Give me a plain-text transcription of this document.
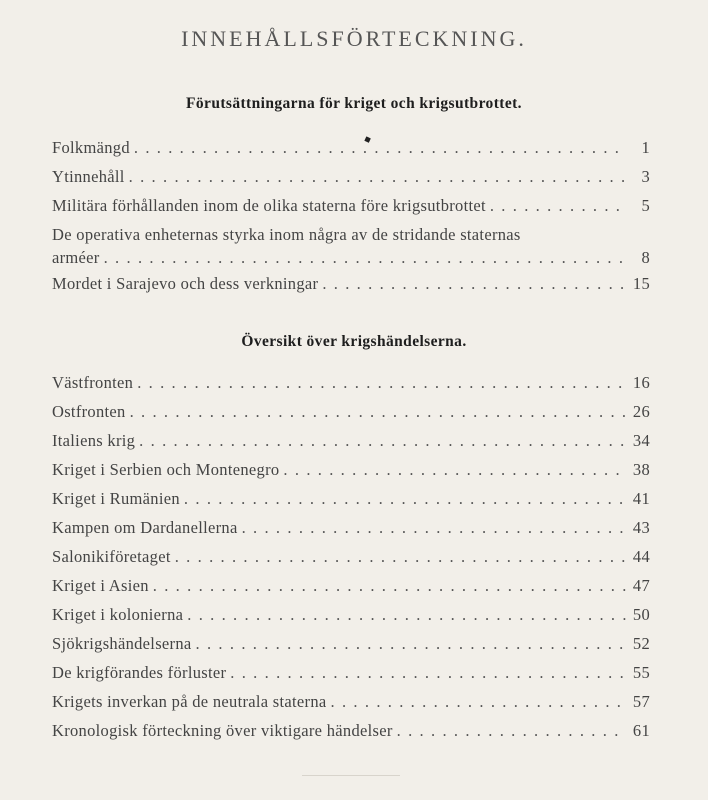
INNEHÅLLSFÖRTECKNING.
Förutsättningarna för kriget och krigsutbrottet.
Folkmängd . . .	1
Ytinnehåll . . .	3
Militära förhållanden inom de olika staterna före krigsutbrottet . . .	5
De operativa enheternas styrka inom några av de stridande staternas
arméer . . .	8
Mordet i Sarajevo och dess verkningar . . .	15
Översikt över krigshändelserna.
Västfronten . . .	16
Ostfronten . . .	26
Italiens krig . . .	34
Kriget i Serbien och Montenegro . . .	38
Kriget i Rumänien . . .	41
Kampen om Dardanellerna . . .	43
Salonikiföretaget . . .	44
Kriget i Asien . . .	47
Kriget i kolonierna . . .	50
Sjökrigshändelserna . . .	52
De krigförandes förluster . . .	55
Krigets inverkan på de neutrala staterna . . .	57
Kronologisk förteckning över viktigare händelser . . .	61
◆
